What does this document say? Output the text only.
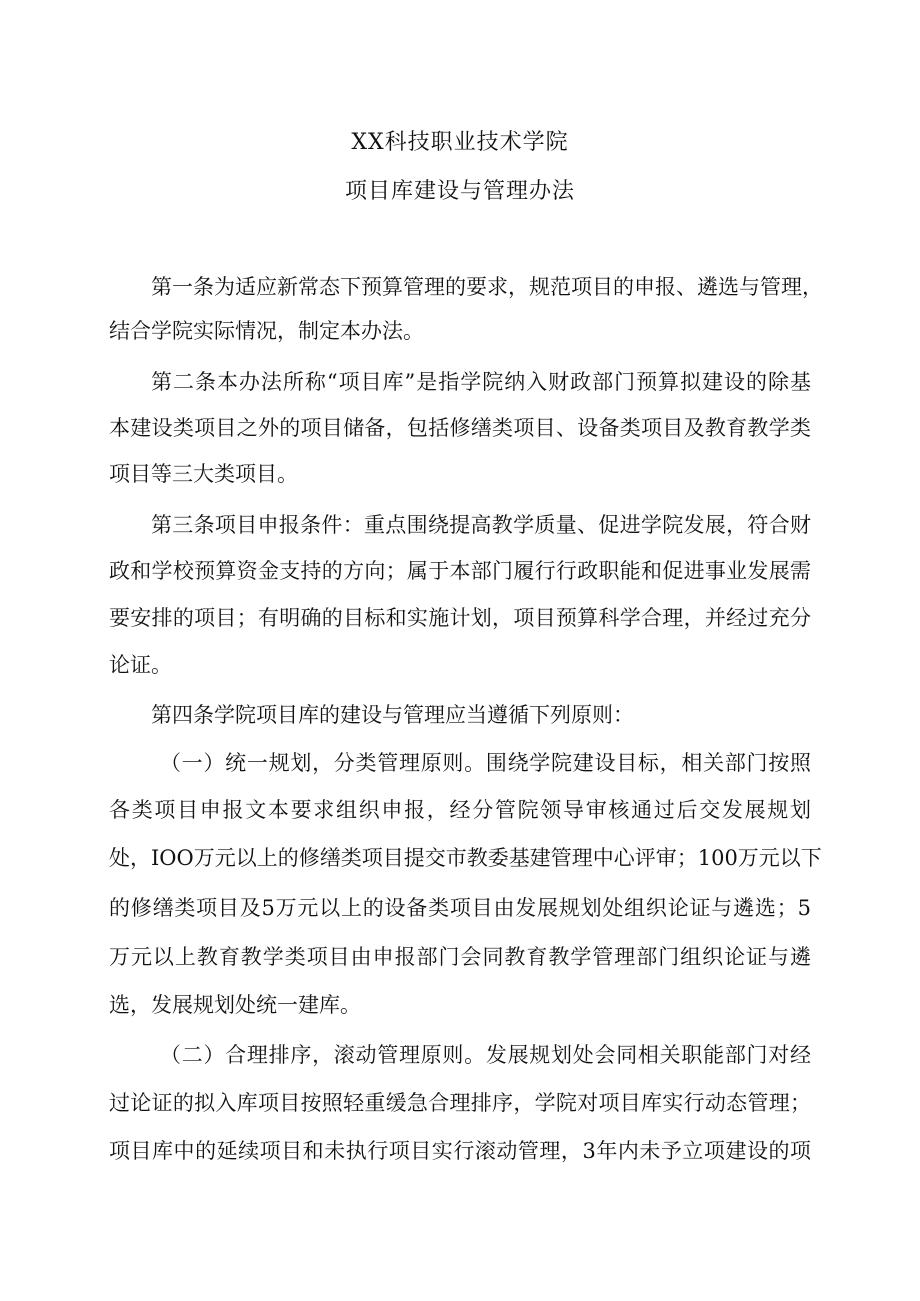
XX科技职业技术学院
项目库建设与管理办法
第一条为适应新常态下预算管理的要求，规范项目的申报、遴选与管理，
结合学院实际情况，制定本办法。
第二条本办法所称“项目库”是指学院纳入财政部门预算拟建设的除基
本建设类项目之外的项目储备，包括修缮类项目、设备类项目及教育教学类
项目等三大类项目。
第三条项目申报条件：重点围绕提高教学质量、促进学院发展，符合财
政和学校预算资金支持的方向；属于本部门履行行政职能和促进事业发展需
要安排的项目；有明确的目标和实施计划，项目预算科学合理，并经过充分
论证。
第四条学院项目库的建设与管理应当遵循下列原则：
（一）统一规划，分类管理原则。围绕学院建设目标，相关部门按照
各类项目申报文本要求组织申报，经分管院领导审核通过后交发展规划
处，IOO万元以上的修缮类项目提交市教委基建管理中心评审；100万元以下
的修缮类项目及5万元以上的设备类项目由发展规划处组织论证与遴选；5
万元以上教育教学类项目由申报部门会同教育教学管理部门组织论证与遴
选，发展规划处统一建库。
（二）合理排序，滚动管理原则。发展规划处会同相关职能部门对经
过论证的拟入库项目按照轻重缓急合理排序，学院对项目库实行动态管理；
项目库中的延续项目和未执行项目实行滚动管理，3年内未予立项建设的项
